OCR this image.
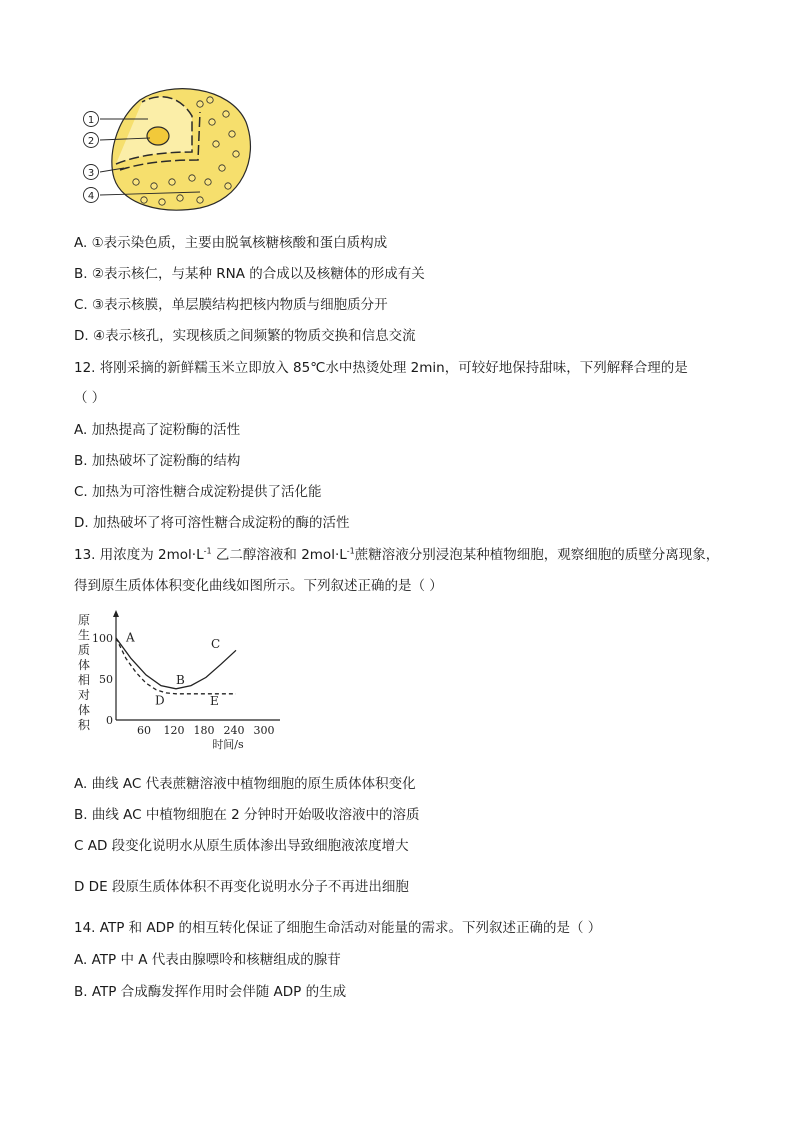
1
2
3
4
A. ①表示染色质，主要由脱氧核糖核酸和蛋白质构成
B. ②表示核仁，与某种 RNA 的合成以及核糖体的形成有关
C. ③表示核膜，单层膜结构把核内物质与细胞质分开
D. ④表示核孔，实现核质之间频繁的物质交换和信息交流
12. 将刚采摘的新鲜糯玉米立即放入 85℃水中热烫处理 2min，可较好地保持甜味，下列解释合理的是
（ ）
A. 加热提高了淀粉酶的活性
B. 加热破坏了淀粉酶的结构
C. 加热为可溶性糖合成淀粉提供了活化能
D. 加热破坏了将可溶性糖合成淀粉的酶的活性
13. 用浓度为 $2mol\cdot L^{-1}$ 乙二醇溶液和 $2mol\cdot L^{-1}$蔗糖溶液分别浸泡某种植物细胞，观察细胞的质壁分离现象，
得到原生质体体积变化曲线如图所示。下列叙述正确的是（ ）
原
生
质
体
相
对
体
积
100
50
0
60 120 180 240 300
时间/s
A
B
C
D	E
A. 曲线 AC 代表蔗糖溶液中植物细胞的原生质体体积变化
B. 曲线 AC 中植物细胞在 2 分钟时开始吸收溶液中的溶质
C AD 段变化说明水从原生质体渗出导致细胞液浓度增大
D DE 段原生质体体积不再变化说明水分子不再进出细胞
14. ATP 和 ADP 的相互转化保证了细胞生命活动对能量的需求。下列叙述正确的是（ ）
A. ATP 中 A 代表由腺嘌呤和核糖组成的腺苷
B. ATP 合成酶发挥作用时会伴随 ADP 的生成
